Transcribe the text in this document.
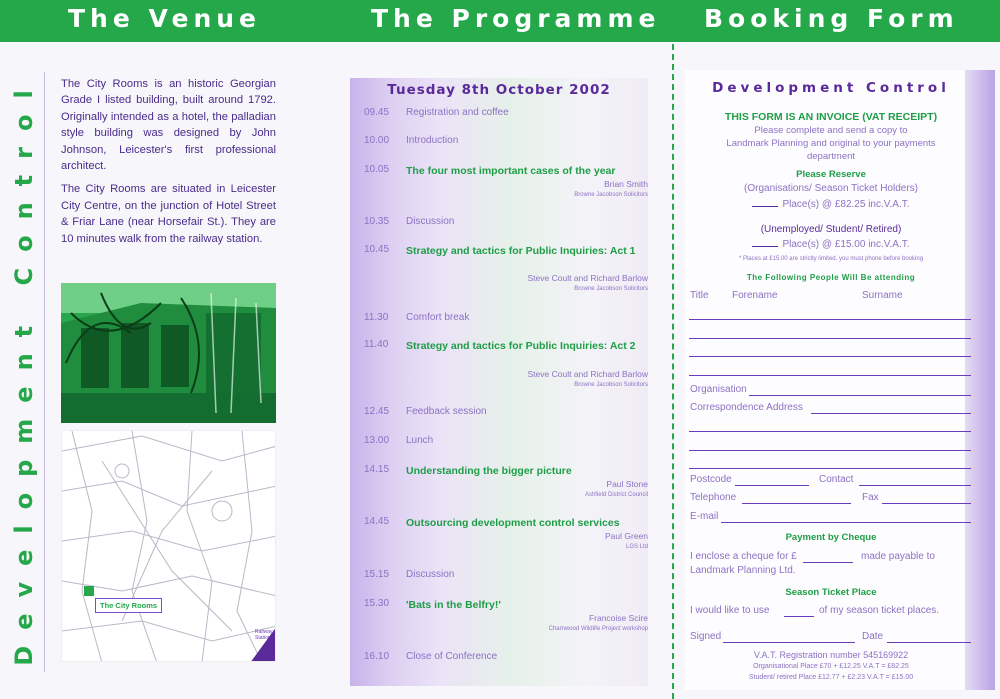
The Venue	The Programme Booking Form
Development Control The City Rooms is an historic Georgian Grade I listed building, built around 1792. Originally intended as a hotel, the palladian style building was designed by John Johnson, Leicester's first professional architect.

The City Rooms are situated in Leicester City Centre, on the junction of Hotel Street & Friar Lane (near Horsefair St.). They are 10 minutes walk from the railway station.

The City Rooms
Railway Station
Tuesday 8th October 2002
09.45 Registration and coffee
10.00 Introduction
10.05 The four most important cases of the year
Brian Smith
Browne Jacobson Solicitors
10.35 Discussion
10.45 Strategy and tactics for Public Inquiries: Act 1
Steve Coult and Richard Barlow
Browne Jacobson Solicitors
11.30 Comfort break
11.40 Strategy and tactics for Public Inquiries: Act 2
Steve Coult and Richard Barlow
Browne Jacobson Solicitors
12.45 Feedback session
13.00 Lunch
14.15 Understanding the bigger picture
Paul Stone
Ashfield District Council
14.45 Outsourcing development control services
Paul Green
LGS Ltd
15.15 Discussion
15.30 'Bats in the Belfry!'
Francoise Scire
Charnwood Wildlife Project workshop
16.10 Close of Conference
Development Control
THIS FORM IS AN INVOICE (VAT RECEIPT)
Please complete and send a copy to
Landmark Planning and original to your payments
department
Please Reserve
(Organisations/ Season Ticket Holders)
Place(s) @ £82.25 inc.V.A.T.
(Unemployed/ Student/ Retired)
Place(s) @ £15.00 inc.V.A.T.
* Places at £15.00 are strictly limited, you must phone before booking
The Following People Will Be attending
Title Forename	Surname
Organisation
Correspondence Address
Postcode	Contact
Telephone	Fax
E-mail
Payment by Cheque
I enclose a cheque for £	made payable to
Landmark Planning Ltd.
Season Ticket Place
I would like to use	of my season ticket places.
Signed	Date
V.A.T. Registration number 545169922
Organisational Place £70 + £12.25 V.A.T = £82.25
Student/ retired Place £12.77 + £2.23 V.A.T = £15.00
